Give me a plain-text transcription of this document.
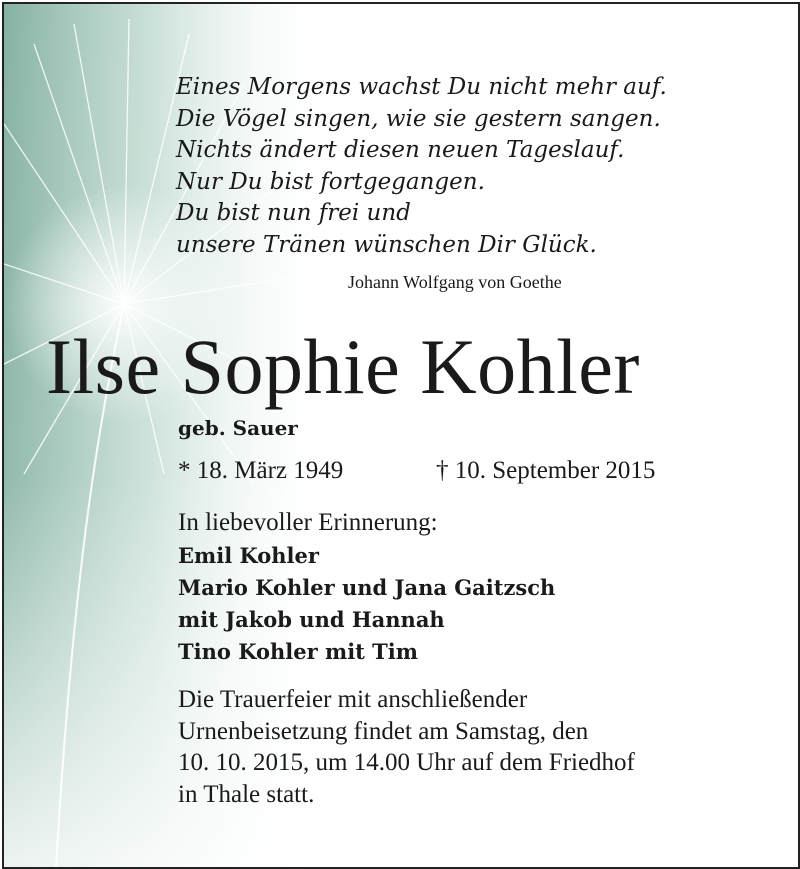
Eines Morgens wachst Du nicht mehr auf.
Die Vögel singen, wie sie gestern sangen.
Nichts ändert diesen neuen Tageslauf.
Nur Du bist fortgegangen.
Du bist nun frei und
unsere Tränen wünschen Dir Glück.
Johann Wolfgang von Goethe
Ilse Sophie Kohler
geb. Sauer
* 18. März 1949	† 10. September 2015
In liebevoller Erinnerung:
Emil Kohler
Mario Kohler und Jana Gaitzsch
mit Jakob und Hannah
Tino Kohler mit Tim
Die Trauerfeier mit anschließender
Urnenbeisetzung findet am Samstag, den
10. 10. 2015, um 14.00 Uhr auf dem Friedhof
in Thale statt.
